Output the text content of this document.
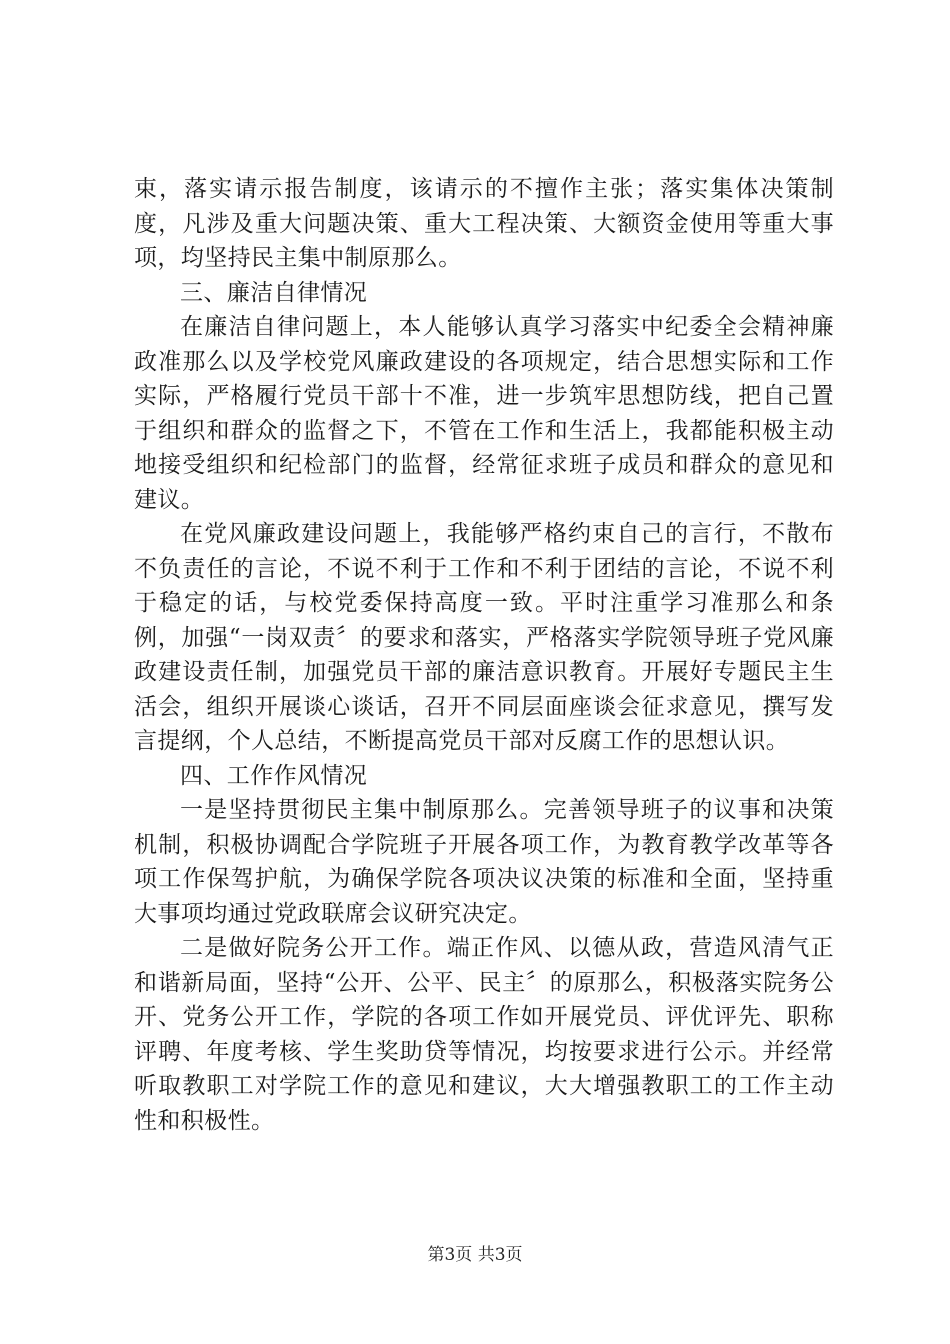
束，落实请示报告制度，该请示的不擅作主张；落实集体决策制度，凡涉及重大问题决策、重大工程决策、大额资金使用等重大事项，均坚持民主集中制原那么。

三、廉洁自律情况

在廉洁自律问题上，本人能够认真学习落实中纪委全会精神廉政准那么以及学校党风廉政建设的各项规定，结合思想实际和工作实际，严格履行党员干部十不准，进一步筑牢思想防线，把自己置于组织和群众的监督之下，不管在工作和生活上，我都能积极主动地接受组织和纪检部门的监督，经常征求班子成员和群众的意见和建议。

在党风廉政建设问题上，我能够严格约束自己的言行，不散布不负责任的言论，不说不利于工作和不利于团结的言论，不说不利于稳定的话，与校党委保持高度一致。平时注重学习准那么和条例，加强“一岗双责〞的要求和落实，严格落实学院领导班子党风廉政建设责任制，加强党员干部的廉洁意识教育。开展好专题民主生活会，组织开展谈心谈话，召开不同层面座谈会征求意见，撰写发言提纲，个人总结，不断提高党员干部对反腐工作的思想认识。

四、工作作风情况

一是坚持贯彻民主集中制原那么。完善领导班子的议事和决策机制，积极协调配合学院班子开展各项工作，为教育教学改革等各项工作保驾护航，为确保学院各项决议决策的标准和全面，坚持重大事项均通过党政联席会议研究决定。

二是做好院务公开工作。端正作风、以德从政，营造风清气正和谐新局面，坚持“公开、公平、民主〞的原那么，积极落实院务公开、党务公开工作，学院的各项工作如开展党员、评优评先、职称评聘、年度考核、学生奖助贷等情况，均按要求进行公示。并经常听取教职工对学院工作的意见和建议，大大增强教职工的工作主动性和积极性。

第3页 共3页
